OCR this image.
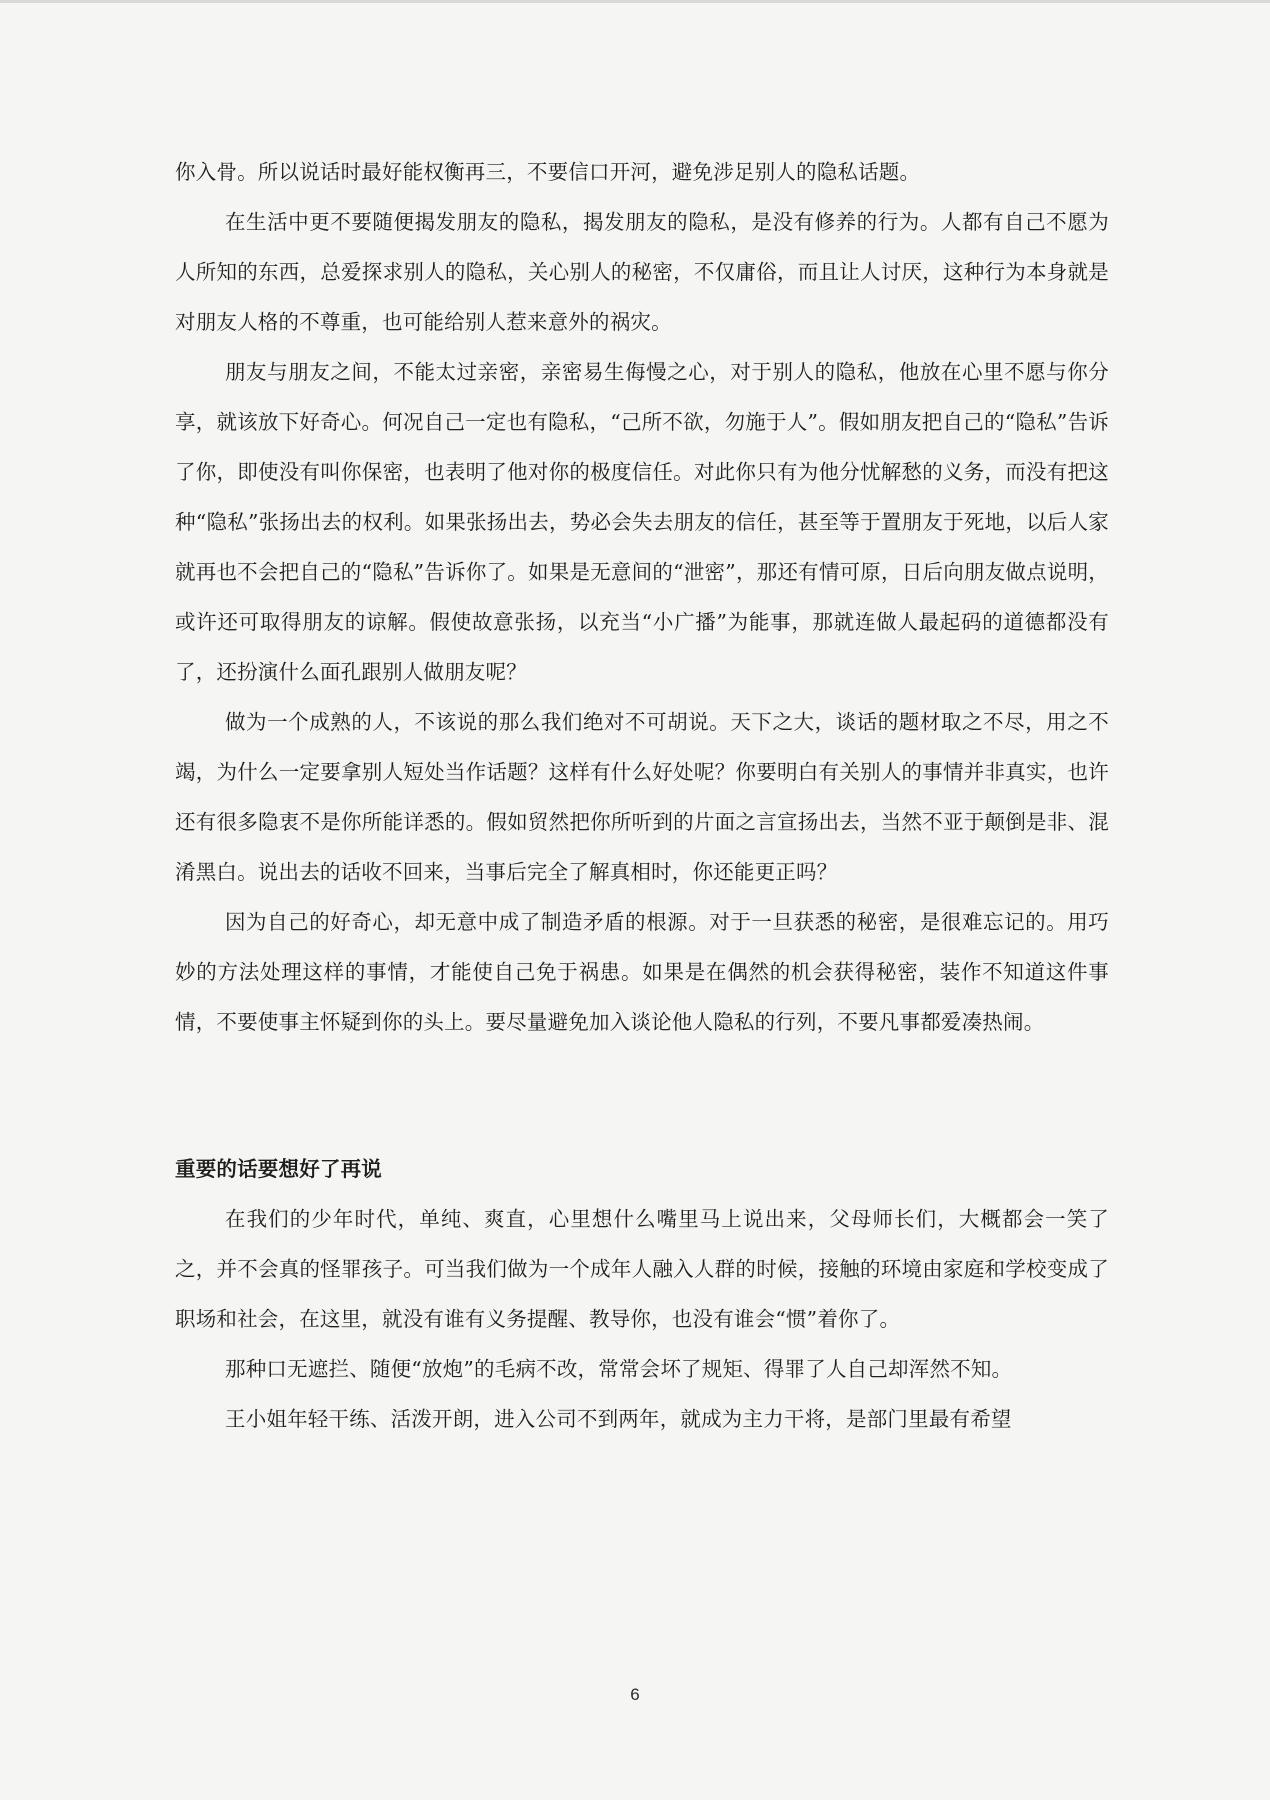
你入骨。所以说话时最好能权衡再三，不要信口开河，避免涉足别人的隐私话题。

在生活中更不要随便揭发朋友的隐私，揭发朋友的隐私，是没有修养的行为。人都有自己不愿为人所知的东西，总爱探求别人的隐私，关心别人的秘密，不仅庸俗，而且让人讨厌，这种行为本身就是对朋友人格的不尊重，也可能给别人惹来意外的祸灾。

朋友与朋友之间，不能太过亲密，亲密易生侮慢之心，对于别人的隐私，他放在心里不愿与你分享，就该放下好奇心。何况自己一定也有隐私，“己所不欲，勿施于人”。假如朋友把自己的“隐私”告诉了你，即使没有叫你保密，也表明了他对你的极度信任。对此你只有为他分忧解愁的义务，而没有把这种“隐私”张扬出去的权利。如果张扬出去，势必会失去朋友的信任，甚至等于置朋友于死地，以后人家就再也不会把自己的“隐私”告诉你了。如果是无意间的“泄密”，那还有情可原，日后向朋友做点说明，或许还可取得朋友的谅解。假使故意张扬，以充当“小广播”为能事，那就连做人最起码的道德都没有了，还扮演什么面孔跟别人做朋友呢？

做为一个成熟的人，不该说的那么我们绝对不可胡说。天下之大，谈话的题材取之不尽，用之不竭，为什么一定要拿别人短处当作话题？这样有什么好处呢？你要明白有关别人的事情并非真实，也许还有很多隐衷不是你所能详悉的。假如贸然把你所听到的片面之言宣扬出去，当然不亚于颠倒是非、混淆黑白。说出去的话收不回来，当事后完全了解真相时，你还能更正吗？

因为自己的好奇心，却无意中成了制造矛盾的根源。对于一旦获悉的秘密，是很难忘记的。用巧妙的方法处理这样的事情，才能使自己免于祸患。如果是在偶然的机会获得秘密，装作不知道这件事情，不要使事主怀疑到你的头上。要尽量避免加入谈论他人隐私的行列，不要凡事都爱凑热闹。

重要的话要想好了再说

在我们的少年时代，单纯、爽直，心里想什么嘴里马上说出来，父母师长们，大概都会一笑了之，并不会真的怪罪孩子。可当我们做为一个成年人融入人群的时候，接触的环境由家庭和学校变成了职场和社会，在这里，就没有谁有义务提醒、教导你，也没有谁会“惯”着你了。

那种口无遮拦、随便“放炮”的毛病不改，常常会坏了规矩、得罪了人自己却浑然不知。

王小姐年轻干练、活泼开朗，进入公司不到两年，就成为主力干将，是部门里最有希望

6
